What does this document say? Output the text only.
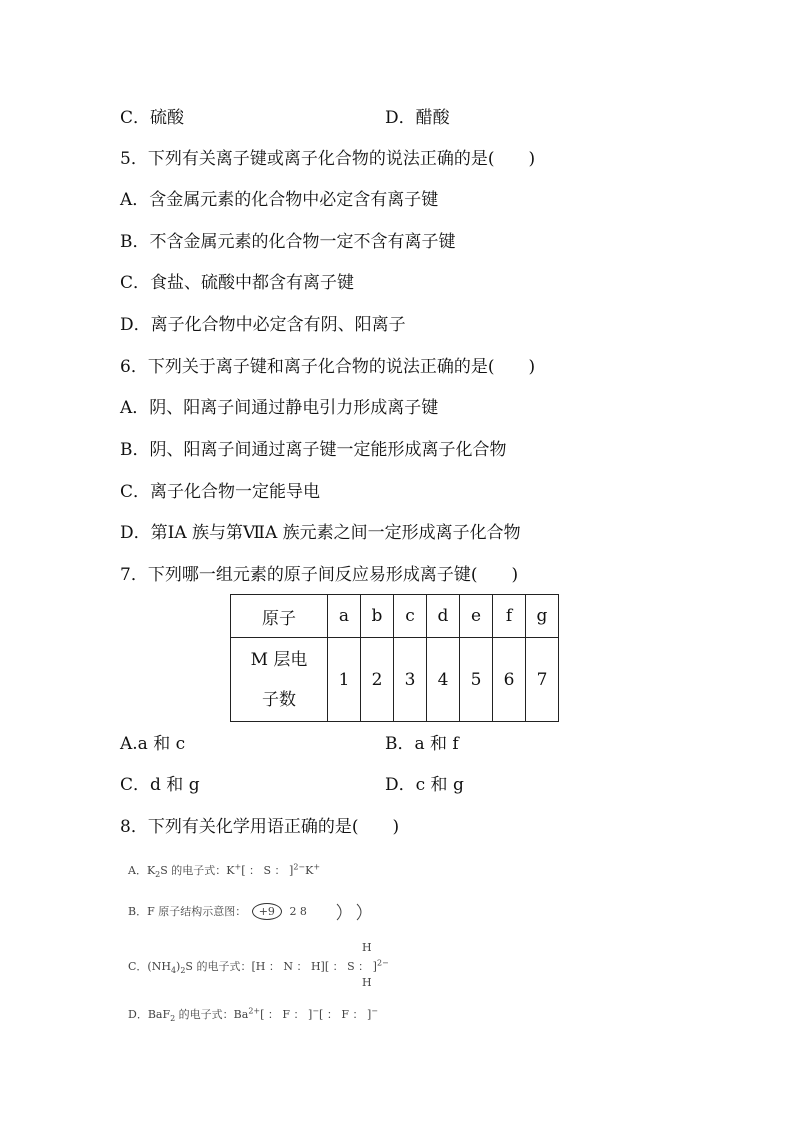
C．硫酸	D．醋酸
5．下列有关离子键或离子化合物的说法正确的是(　　)
A．含金属元素的化合物中必定含有离子键
B．不含金属元素的化合物一定不含有离子键
C．食盐、硫酸中都含有离子键
D．离子化合物中必定含有阴、阳离子
6．下列关于离子键和离子化合物的说法正确的是(　　)
A．阴、阳离子间通过静电引力形成离子键
B．阴、阳离子间通过离子键一定能形成离子化合物
C．离子化合物一定能导电
D．第ⅠA 族与第ⅦA 族元素之间一定形成离子化合物
7．下列哪一组元素的原子间反应易形成离子键(　　)
原子	a	b	c	d	e	f	g

M 层电子数	1	2	3	4	5	6	7
A.a 和 c	B．a 和 f
C．d 和 g	D．c 和 g
8．下列有关化学用语正确的是(　　)
A．$K_2S$ 的电子式：K+[ ： S ： ]$^{2-}$K+
B．F 原子结构示意图： +9 2 8
H
C．$(NH_4)_2S$ 的电子式：[H ： N ： H][ ： S ： ]$^{2-}$
H
D．BaF$_2$ 的电子式：$Ba^{2+}$[ ： F ： ]−[ ： F ： ]−
